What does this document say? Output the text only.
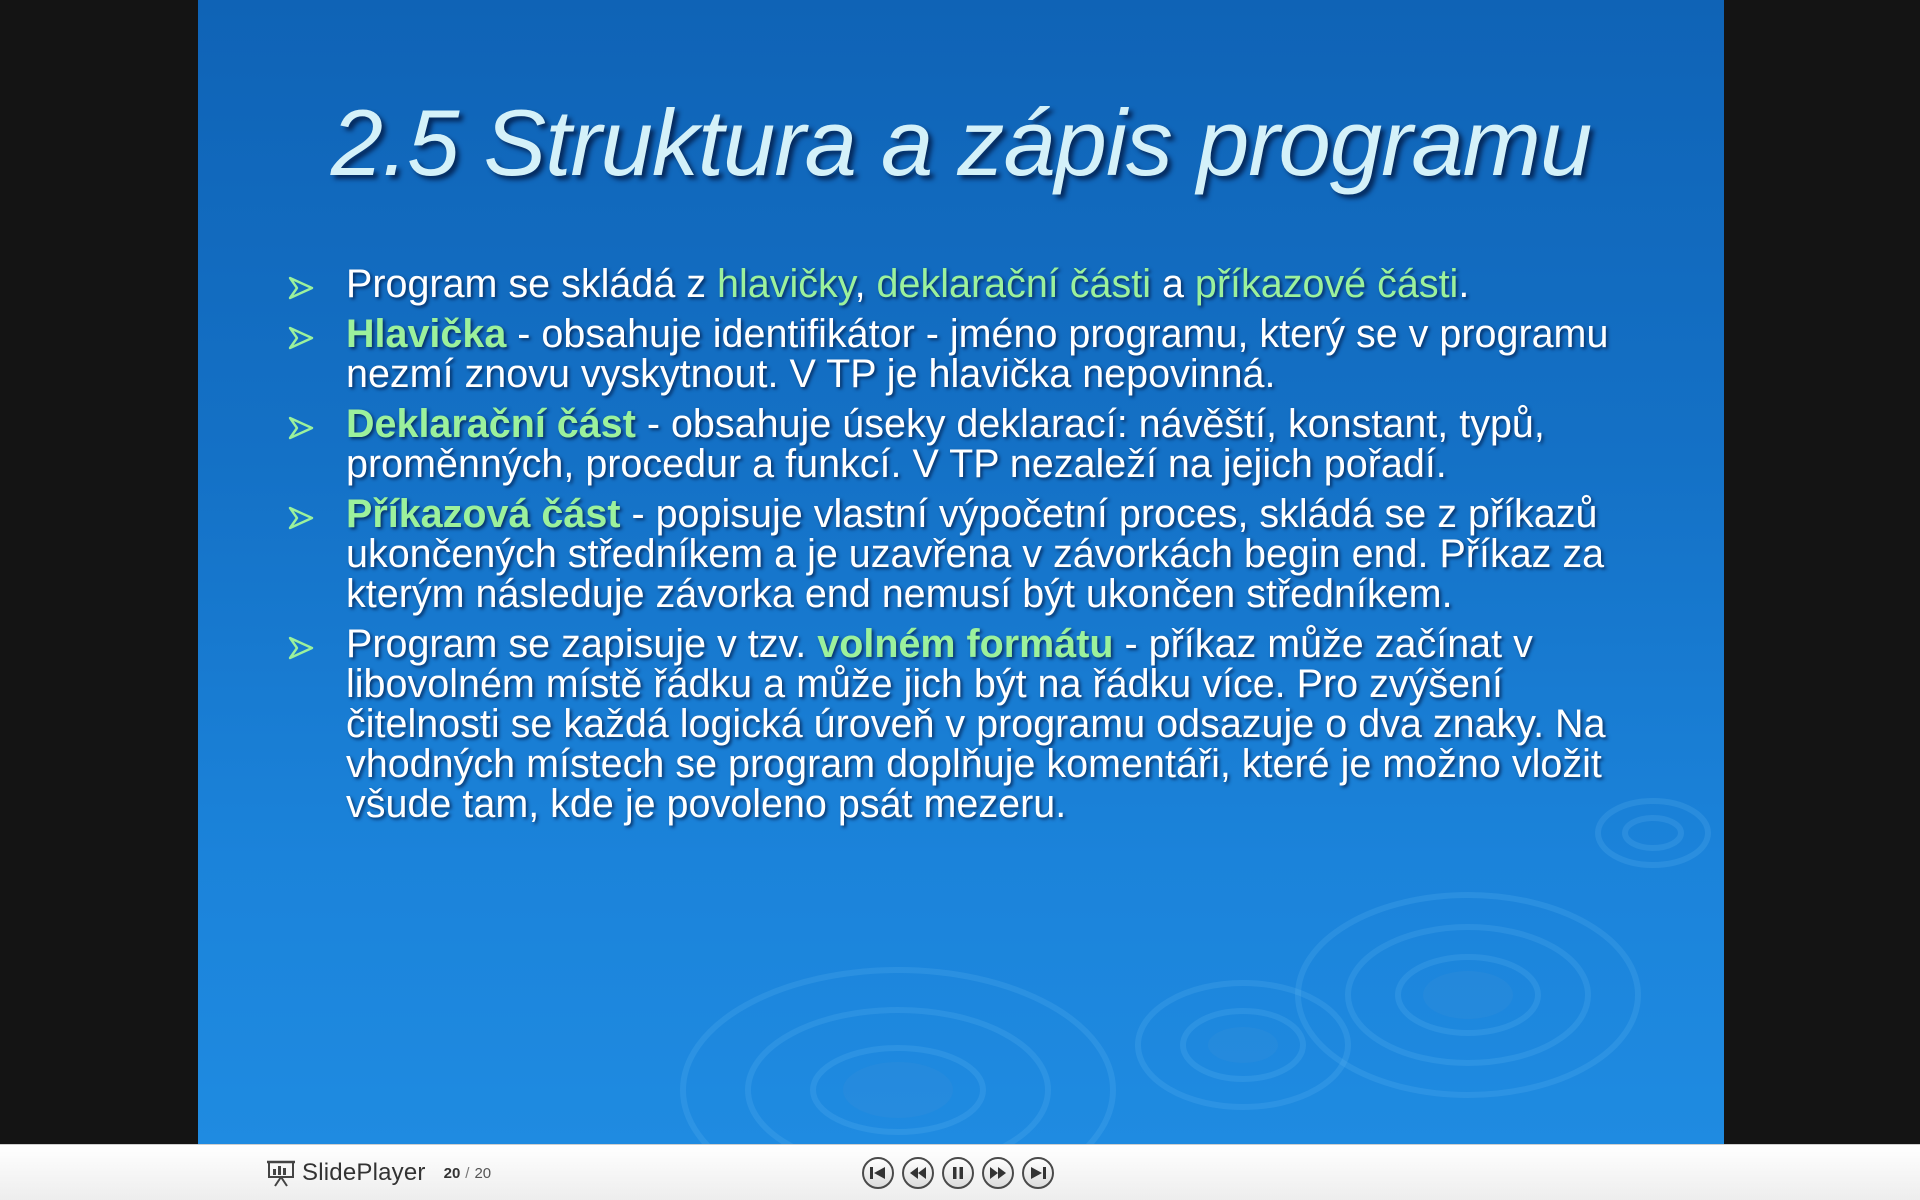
2.5 Struktura a zápis programu
Program se skládá z hlavičky, deklarační části a příkazové části.
Hlavička - obsahuje identifikátor - jméno programu, který se v programu nezmí znovu vyskytnout. V TP je hlavička nepovinná.
Deklarační část - obsahuje úseky deklarací: návěští, konstant, typů, proměnných, procedur a funkcí. V TP nezaleží na jejich pořadí.
Příkazová část - popisuje vlastní výpočetní proces, skládá se z příkazů ukončených středníkem a je uzavřena v závorkách begin end. Příkaz za kterým následuje závorka end nemusí být ukončen středníkem.
Program se zapisuje v tzv. volném formátu - příkaz může začínat v libovolném místě řádku a může jich být na řádku více. Pro zvýšení čitelnosti se každá logická úroveň v programu odsazuje o dva znaky. Na vhodných místech se program doplňuje komentáři, které je možno vložit všude tam, kde je povoleno psát mezeru.
SlidePlayer 20 / 20
